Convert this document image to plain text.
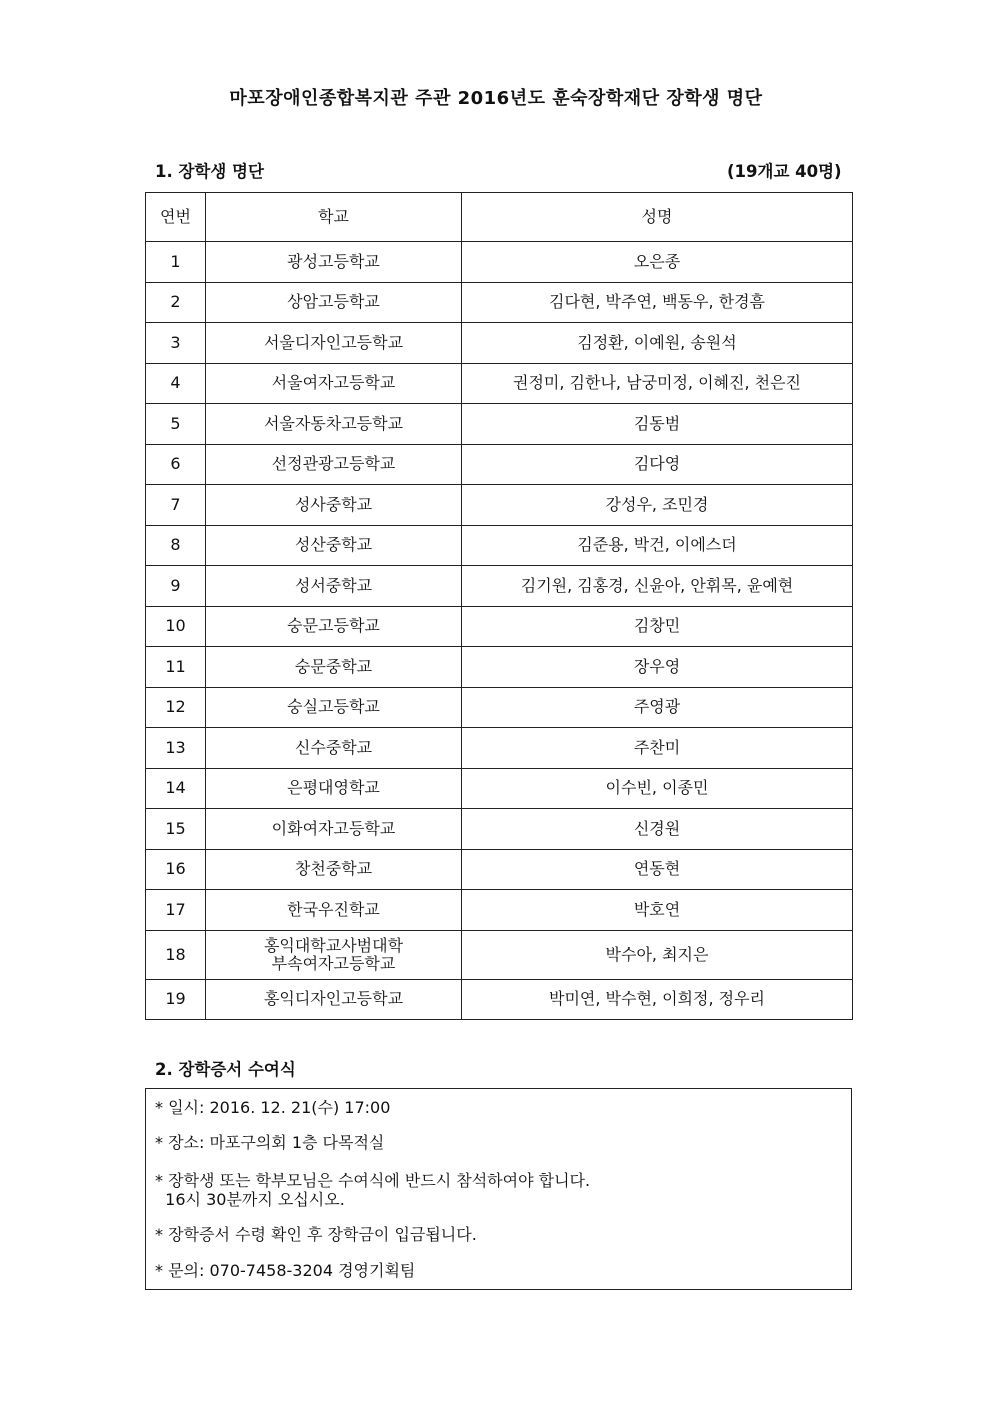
마포장애인종합복지관 주관 2016년도 훈숙장학재단 장학생 명단
1. 장학생 명단	(19개교 40명)
연번	학교	성명
1	광성고등학교	오은종
2	상암고등학교	김다현, 박주연, 백동우, 한경흠
3	서울디자인고등학교	김정환, 이예원, 송원석
4	서울여자고등학교	권정미, 김한나, 남궁미정, 이혜진, 천은진
5	서울자동차고등학교	김동범
6	선정관광고등학교	김다영
7	성사중학교	강성우, 조민경
8	성산중학교	김준용, 박건, 이에스더
9	성서중학교	김기원, 김홍경, 신윤아, 안휘목, 윤예현
10	숭문고등학교	김창민
11	숭문중학교	장우영
12	숭실고등학교	주영광
13	신수중학교	주찬미
14	은평대영학교	이수빈, 이종민
15	이화여자고등학교	신경원
16	창천중학교	연동현
17	한국우진학교	박호연
18	홍익대학교사범대학
부속여자고등학교	박수아, 최지은
19	홍익디자인고등학교	박미연, 박수현, 이희정, 정우리
2. 장학증서 수여식
* 일시: 2016. 12. 21(수) 17:00
* 장소: 마포구의회 1층 다목적실
* 장학생 또는 학부모님은 수여식에 반드시 참석하여야 합니다.
16시 30분까지 오십시오.
* 장학증서 수령 확인 후 장학금이 입금됩니다.
* 문의: 070-7458-3204 경영기획팀
